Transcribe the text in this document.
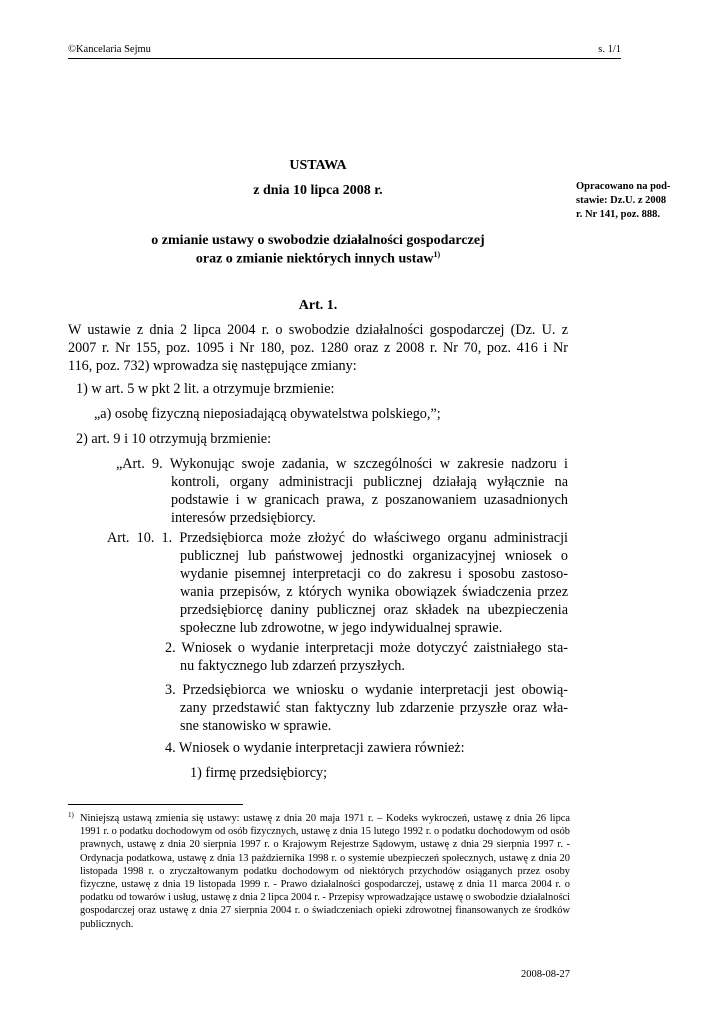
©Kancelaria Sejmu	s. 1/1
USTAWA
z dnia 10 lipca 2008 r.	Opracowano na pod-
stawie: Dz.U. z 2008
r. Nr 141, poz. 888.
o zmianie ustawy o swobodzie działalności gospodarczej
oraz o zmianie niektórych innych ustaw$^{1)}$
Art. 1.
W ustawie z dnia 2 lipca 2004 r. o swobodzie działalności gospodarczej (Dz. U. z
2007 r. Nr 155, poz. 1095 i Nr 180, poz. 1280 oraz z 2008 r. Nr 70, poz. 416 i Nr
116, poz. 732) wprowadza się następujące zmiany:
1) w art. 5 w pkt 2 lit. a otrzymuje brzmienie:
„a) osobę fizyczną nieposiadającą obywatelstwa polskiego,”;
2) art. 9 i 10 otrzymują brzmienie:
„Art. 9. Wykonując swoje zadania, w szczególności w zakresie nadzoru i
kontroli, organy administracji publicznej działają wyłącznie na
podstawie i w granicach prawa, z poszanowaniem uzasadnionych
interesów przedsiębiorcy.
Art. 10. 1. Przedsiębiorca może złożyć do właściwego organu administracji
publicznej lub państwowej jednostki organizacyjnej wniosek o
wydanie pisemnej interpretacji co do zakresu i sposobu zastoso-
wania przepisów, z których wynika obowiązek świadczenia przez
przedsiębiorcę daniny publicznej oraz składek na ubezpieczenia
społeczne lub zdrowotne, w jego indywidualnej sprawie.
2. Wniosek o wydanie interpretacji może dotyczyć zaistniałego sta-
nu faktycznego lub zdarzeń przyszłych.
3. Przedsiębiorca we wniosku o wydanie interpretacji jest obowią-
zany przedstawić stan faktyczny lub zdarzenie przyszłe oraz wła-
sne stanowisko w sprawie.
4. Wniosek o wydanie interpretacji zawiera również:
1) firmę przedsiębiorcy;
1) Niniejszą ustawą zmienia się ustawy: ustawę z dnia 20 maja 1971 r. – Kodeks wykroczeń, ustawę z dnia 26 lipca 1991 r. o podatku dochodowym od osób fizycznych, ustawę z dnia 15 lutego 1992 r. o podatku dochodowym od osób prawnych, ustawę z dnia 20 sierpnia 1997 r. o Krajowym Rejestrze Sądowym, ustawę z dnia 29 sierpnia 1997 r. - Ordynacja podatkowa, ustawę z dnia 13 października 1998 r. o systemie ubezpieczeń społecznych, ustawę z dnia 20 listopada 1998 r. o zryczałtowanym podatku dochodowym od niektórych przychodów osiąganych przez osoby fizyczne, ustawę z dnia 19 listopada 1999 r. - Prawo działalności gospodarczej, ustawę z dnia 11 marca 2004 r. o podatku od towarów i usług, ustawę z dnia 2 lipca 2004 r. - Przepisy wprowadzające ustawę o swobodzie działalności gospodarczej oraz ustawę z dnia 27 sierpnia 2004 r. o świadczeniach opieki zdrowotnej finansowanych ze środków publicznych.
2008-08-27
